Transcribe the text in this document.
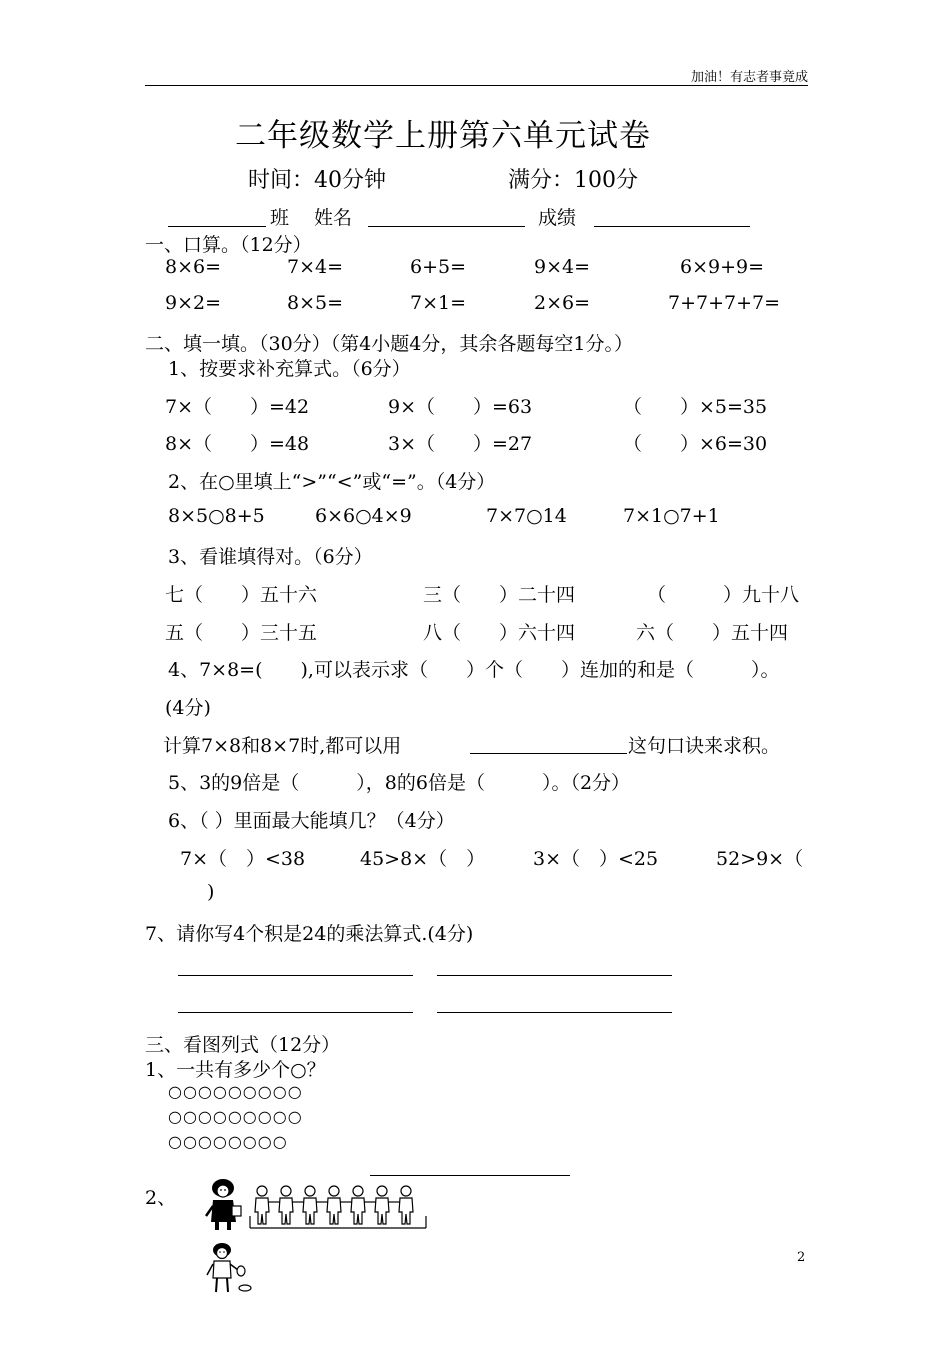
加油！有志者事竟成
二年级数学上册第六单元试卷
时间：40分钟	满分：100分
班 姓名	成绩
一、口算。（12分）
8×6=	7×4=	6+5=	9×4=	6×9+9=
9×2=	8×5=	7×1=	2×6=	7+7+7+7=
二、填一填。（30分）（第4小题4分，其余各题每空1分。）
1、按要求补充算式。（6分）
7×（　　）=42	9×（　　）=63	（　　）×5=35
8×（　　）=48	3×（　　）=27	（　　）×6=30
2、在○里填上“>”“<”或“=”。（4分）
8×5○8+5	6×6○4×9	7×7○14	7×1○7+1
3、看谁填得对。（6分）
七（　　）五十六	三（　　）二十四	（　　　）九十八
五（　　）三十五	八（　　）六十四	六（　　）五十四
4、7×8=(　　),可以表示求（　　）个（　　）连加的和是（　　　）。
(4分)
计算7×8和8×7时,都可以用	这句口诀来求积。
5、3的9倍是（　　　），8的6倍是（　　　）。（2分）
6、（ ）里面最大能填几？（4分）
7×（　）<38	45>8×（　）	3×（　）<25	52>9×（
)
7、请你写4个积是24的乘法算式.(4分)
三、看图列式（12分）
1、一共有多少个○？
○○○○○○○○○
○○○○○○○○○
○○○○○○○○
2、
2
